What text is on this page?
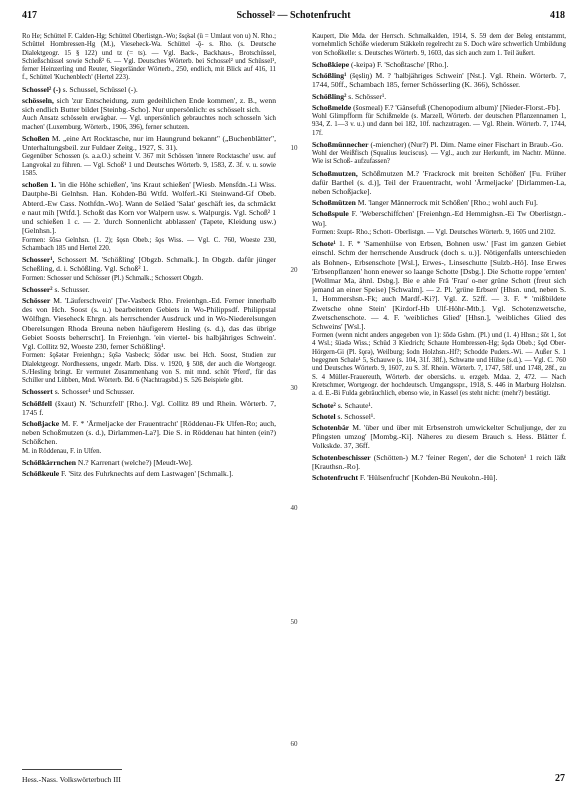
417	Schossel² — Schotenfrucht	418

Ro He; Schüttel F. Calden-Hg; Schüttel Oberlistgn.-Wo; šsǫ̈sǝl (ü = Umlaut von u) N. Rho.; Schüttel Hombressen-Hg (M.), Vieseheck-Wa. Schüttel -ǭ- s. Rho. (s. Deutsche Dialektgeogr. 15 § 122) und tz (= ts). — Vgl. Back-, Backhaus-, Brotschüssel, Schießschüssel sowie Schoß² 6. — Vgl. Deutsches Wörterb. bei Schossel² und Schüssel¹, ferner Heinzerling und Reuter, Siegerländer Wörterb., 250, endlich, mit Blick auf 416, 11 f., Schüttel 'Kuchenblech' (Hertel 223).

Schossel² (-) s. Schussel, Schüssel (-).

schösseln, sich 'zur Entscheidung, zum gedeihlichen Ende kommen', z. B., wenn sich endlich Butter bildet [Steinbg.-Scho]. Nur unpersönlich: es schösselt sich.

Auch Ansatz schösseln erwägbar. — Vgl. unpersönlich gebrauchtes noch schosseln 'sich machen' (Luxemburg. Wörterb., 1906, 396), ferner schutzen.

Schoßen M. „eine Art Rocktasche, nur im Haungrund bekannt" („Buchenblätter", Unterhaltungsbeil. zur Fuldaer Zeitg., 1927, S. 31).

Gegenüber Schossen (s. a.a.O.) scheint V. 367 mit Schössen 'innere Rocktasche' usw. auf Langvokal zu führen. — Vgl. Schoß¹ 1 und Deutsches Wörterb. 9, 1583, Z. 3f. v. u. sowie 1585.

schoßen 1. 'in die Höhe schießen', 'ins Kraut schießen' [Wiesb. Mensfdn.-Li Wiss. Dautphe-Bi Gelnhsn. Han. Kohden-Bü Wtfd. Wolferl.-Ki Steinwand-Gf Obeb. Abterd.-Ew Cass. Nothfdn.-Wo]. Wann de Seläed 'Salat' geschäft ies, da schmäckt e naut mih [Wtfd.]. Schoßt das Korn vor Walpern usw. s. Walpurgis. Vgl. Schoß² 1 und schießen 1 c. — 2. 'durch Sonnenlicht abblassen' (Tapete, Kleidung usw.) [Gelnhsn.].

Formen: šōsə Gelnhsn. (1. 2); šǫsn Obeb.; šǫs Wiss. — Vgl. C. 760, Woeste 230, Schambach 185 und Hertel 220.

Schosser¹, Schossert M. 'Schößling' [Obgzb. Schmalk.]. In Obgzb. dafür jünger Scheßling, d. i. Schößling. Vgl. Schoß² 1.

Formen: Schosser und Schösser (Pl.) Schmalk.; Schossert Obgzb.

Schosser² s. Schusser.

Schösser M. 'Läuferschwein' [Tw-Vasbeck Rho. Freienhgn.-Ed. Ferner innerhalb des von Hch. Soost (s. u.) bearbeiteten Gebiets in Wo-Philippsdf. Philippstal Wölfhgn. Vieseheck Ehrgn. als herrschender Ausdruck und in Wo-Niederelsungen Oberelsungen Rhoda Breuna neben häufigerem Hesling (s. d.), das das übrige Gebiet Soosts beherrscht]. In Freienhgn. 'ein viertel- bis halbjähriges Schwein'. Vgl. Collitz 92, Woeste 230, ferner Schößling¹.

Formen: šǫšətər Freienhgn.; šǫšə Vasbeck; šödər usw. bei Hch. Soost, Studien zur Dialektgeogr. Nordhessens, ungedr. Marb. Diss. v. 1920, § 508, der auch die Wortgeogr. S./Hesling bringt. Er vermutet Zusammenhang von S. mit mnd. schöt 'Pferd', für das Schiller und Lübben, Mnd. Wörterb. Bd. 6 (Nachtragsbd.) S. 526 Beispiele gibt.

Schossert s. Schosser¹ und Schusser.

Schößfell (šxaut) N. 'Schurzfell' [Rho.]. Vgl. Collitz 89 und Rhein. Wörterb. 7, 1745 f.

Schoßjacke M. F. * 'Ärmeljacke der Frauentracht' [Röddenau-Fk Ulfen-Ro; auch, neben Schoßmutzen (s. d.), Dirlammen-La?]. Die S. in Röddenau hat hinten (ein?) Schößchen.

M. in Röddenau, F. in Ulfen.

Schößkärrnchen N.? Karrenart (welche?) [Meudt-We].

Schößkeule F. 'Sitz des Fuhrknechts auf dem Lastwagen' [Schmalk.].

10
20
30
40
50
60

Kaupert, Die Mda. der Herrsch. Schmalkalden, 1914, S. 59 dem der Beleg entstammt, vornehmlich Schöße wiederum Stäkkeln regelrecht zu S. Doch wäre schwerlich Umbildung von Schoßkelle: s. Deutsches Wörterb. 9, 1603, das sich auch zum 1. Teil äußert.

Schoßkiepe (-keipə) F. 'Schoßtasche' [Rho.].

Schößling¹ (šęsliŋ) M. ? 'halbjähriges Schwein' [Nst.]. Vgl. Rhein. Wörterb. 7, 1744, 50ff., Schambach 185, ferner Schösserling (K. 366), Schösser.

Schößling² s. Schösser¹.

Schoßmelde (šosmeal) F.? 'Gänsefuß (Chenopodium album)' [Nieder-Florst.-Fb].

Wohl Glimpfform für Schißmelde (s. Marzell, Wörterb. der deutschen Pflanzennamen 1, 934, Z. 1—3 v. u.) und dann bei 182, 10f. nachzutragen. — Vgl. Rhein. Wörterb. 7, 1744, 17f.

Schoßmünnecher (-miencher) (Nur?) Pl. Dim. Name einer Fischart in Braub.-Go.

Wohl der Weißfisch (Squalius leuciscus). — Vgl., auch zur Herkunft, im Nachtr. Münne. Wie ist Schoß- aufzufassen?

Schoßmutzen, Schößmutzen M.? 'Frackrock mit breiten Schößen' [Fu. Früher dafür Barthel (s. d.)], Teil der Frauentracht, wohl 'Ärmeljacke' [Dirlammen-La, neben Schoßjacke].

Schoßmützen M. 'langer Männerrock mit Schößen' [Rho.; wohl auch Fu].

Schoßspule F. 'Weberschiffchen' [Freienhgn.-Ed Hemmighsn.-Ei Tw Oberlistgn.-Wo].

Formen: šxupt- Rho.; Schott- Oberlistgn. — Vgl. Deutsches Wörterb. 9, 1605 und 2102.

Schote¹ 1. F. * 'Samenhülse von Erbsen, Bohnen usw.' [Fast im ganzen Gebiet einschl. Schm der herrschende Ausdruck (doch s. u.)]. Nötigenfalls unterschieden als Bohnen-, Erbsenschote [Wsl.], Erwes-, Linseschutte [Sulzb.-Hö]. Inse Erwes 'Erbsenpflanzen' honn enewer so laange Schotte [Dsbg.]. Die Schotte roppe 'ernten' [Wollmar Ma, ähnl. Dsbg.]. Bie e ahle Frä 'Frau' o-ner grüne Schott (freut sich jemand an einer Speise) [Schwalm]. — 2. Pl. 'grüne Erbsen' [Hhsn. und, neben S. 1, Hommershsn.-Fk; auch Mardf.-Ki?]. Vgl. Z. 52ff. — 3. F. * 'mißbildete Zwetsche ohne Stein' [Kirdorf-Hb Ulf-Höhr-Mtb.]. Vgl. Schotenzwetsche, Zwetschenschote. — 4. F. 'weibliches Glied' [Hhsn.], 'weibliches Glied des Schweins' [Wsl.].

Formen (wenn nicht anders angegeben von 1): šōdə Gshm. (Pl.) und (1. 4) Hhsn.; šōt 1, šot 4 Wsl.; šüədə Wiss.; Schüd 3 Kiedrich; Schaute Hombressen-Hg; šǫdə Obeb.; šǫd Ober-Hörgern-Gi (Pl. šǫrə), Weilburg; šodn Holzhsn.-Hf?; Schodde Puders.-Wi. — Außer S. 1 begegnen Schale¹ 5, Schauwe (s. 104, 31f. 38f.), Schwatte und Hülse (s.d.). — Vgl. C. 760 und Deutsches Wörterb. 9, 1607, zu S. 3f. Rhein. Wörterb. 7, 1747, 58f. und 1748, 28f., zu S. 4 Müller-Frauereuth, Wörterb. der obersächs. u. erzgeb. Mdaa. 2, 472. — Nach Kretschmer, Wortgeogr. der hochdeutsch. Umgangsspr., 1918, S. 446 in Marburg Holzhsn. a. d. E.-Bi Fulda gebräuchlich, ebenso wie, in Kassel (es steht nicht: (mehr?) bestätigt.

Schote² s. Schaute¹.

Schotel s. Schossel¹.

Schotenbär M. 'über und über mit Erbsenstroh umwickelter Schuljunge, der zu Pfingsten umzog' [Mombg.-Ki]. Näheres zu diesem Brauch s. Hess. Blätter f. Volkskde. 37, 36ff.

Schotenbeschisser (Schötten-) M.? 'feiner Regen', der die Schoten¹ 1 reich läßt [Krauthsn.-Ro].

Schotenfrucht F. 'Hülsenfrucht' [Kohden-Bü Neukohn.-Hü].

Hess.-Nass. Volkswörterbuch III	27
